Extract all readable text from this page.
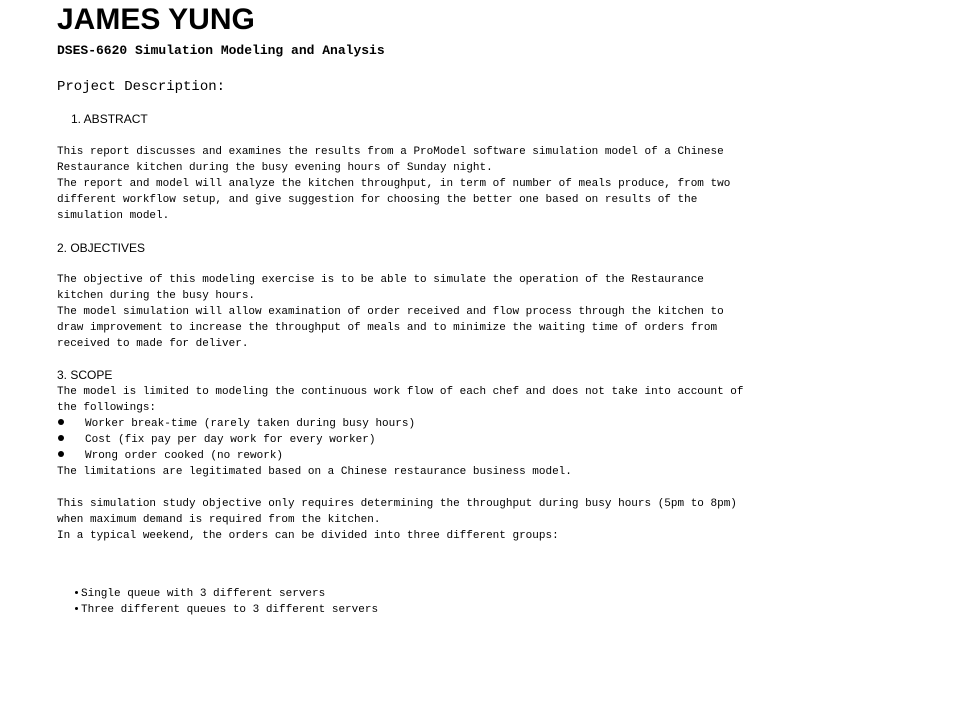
JAMES YUNG
DSES-6620 Simulation Modeling and Analysis
Project Description:
1. ABSTRACT
This report discusses and examines the results from a ProModel software simulation model of a Chinese
Restaurance kitchen during the busy evening hours of Sunday night.
The report and model will analyze the kitchen throughput, in term of number of meals produce, from two
different workflow setup, and give suggestion for choosing the better one based on results of the
simulation model.
2. OBJECTIVES
The objective of this modeling exercise is to be able to simulate the operation of the Restaurance
kitchen during the busy hours.
The model simulation will allow examination of order received and flow process through the kitchen to
draw improvement to increase the throughput of meals and to minimize the waiting time of orders from
received to made for deliver.
3. SCOPE
The model is limited to modeling the continuous work flow of each chef and does not take into account of
the followings:
Worker break-time (rarely taken during busy hours)
Cost (fix pay per day work for every worker)
Wrong order cooked (no rework)
The limitations are legitimated based on a Chinese restaurance business model.
This simulation study objective only requires determining the throughput during busy hours (5pm to 8pm)
when maximum demand is required from the kitchen.
In a typical weekend, the orders can be divided into three different groups:
Single queue with 3 different servers
Three different queues to 3 different servers
